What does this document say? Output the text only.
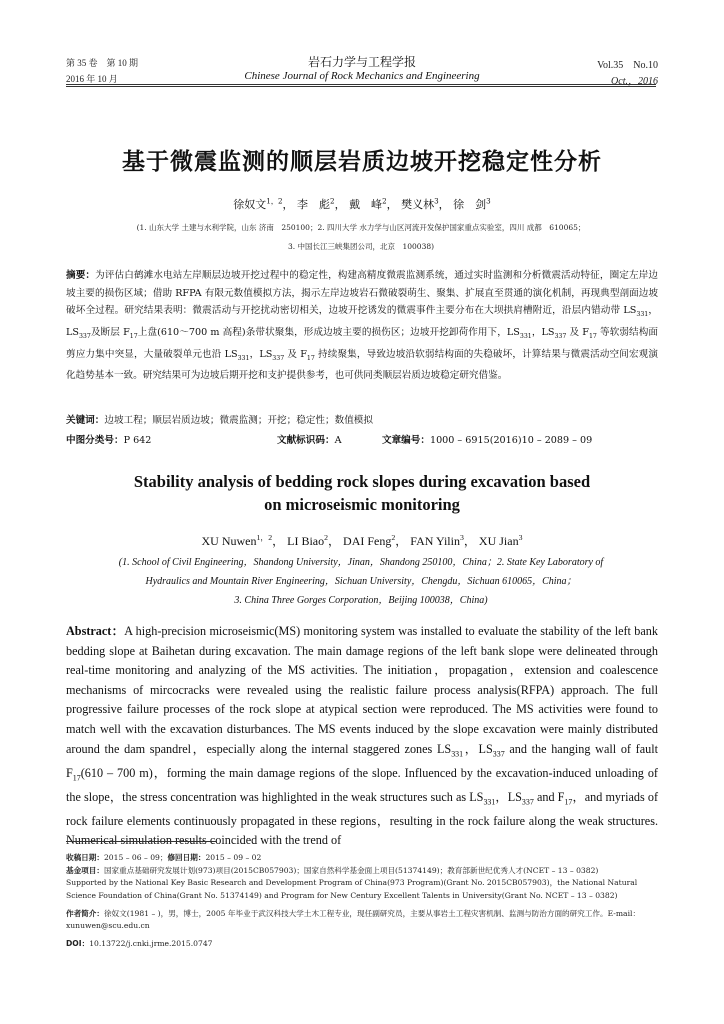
第 35 卷　第 10 期
2016 年 10 月
岩石力学与工程学报
Chinese Journal of Rock Mechanics and Engineering
Vol.35　No.10
Oct.，2016
基于微震监测的顺层岩质边坡开挖稳定性分析
徐奴文$^{1,2}$， 李　彪$^2$， 戴　峰$^2$， 樊义林$^3$， 徐　剑$^3$
(1. 山东大学 土建与水利学院，山东 济南　250100；2. 四川大学 水力学与山区河流开发保护国家重点实验室，四川 成都　610065；
3. 中国长江三峡集团公司，北京　100038)
摘要：为评估白鹤滩水电站左岸顺层边坡开挖过程中的稳定性，构建高精度微震监测系统，通过实时监测和分析微震活动特征，圈定左岸边坡主要的损伤区域；借助 RFPA 有限元数值模拟方法，揭示左岸边坡岩石微破裂萌生、聚集、扩展直至贯通的演化机制，再现典型剖面边坡破坏全过程。研究结果表明：微震活动与开挖扰动密切相关，边坡开挖诱发的微震事件主要分布在大坝拱肩槽附近，沿层内错动带 $LS_{331}$，$LS_{337}$及断层 $F_{17}$上盘(610～700 m 高程)条带状聚集，形成边坡主要的损伤区；边坡开挖卸荷作用下，$LS_{331}$，$LS_{337}$ 及 $F_{17}$ 等软弱结构面剪应力集中突显，大量破裂单元也沿 $LS_{331}$，$LS_{337}$ 及 $F_{17}$ 持续聚集，导致边坡沿软弱结构面的失稳破坏，计算结果与微震活动空间宏观演化趋势基本一致。研究结果可为边坡后期开挖和支护提供参考，也可供同类顺层岩质边坡稳定研究借鉴。
关键词：边坡工程；顺层岩质边坡；微震监测；开挖；稳定性；数值模拟
中图分类号：P 642	文献标识码：A	文章编号：1000 – 6915(2016)10 – 2089 – 09
Stability analysis of bedding rock slopes during excavation based
on microseismic monitoring
XU Nuwen$^{1,2}$， LI Biao$^2$， DAI Feng$^2$， FAN Yilin$^3$， XU Jian$^3$
(1. School of Civil Engineering，Shandong University，Jinan，Shandong 250100，China；2. State Key Laboratory of
Hydraulics and Mountain River Engineering，Sichuan University，Chengdu，Sichuan 610065，China；
3. China Three Gorges Corporation，Beijing 100038，China)
Abstract：A high-precision microseismic(MS) monitoring system was installed to evaluate the stability of the left bank bedding slope at Baihetan during excavation. The main damage regions of the left bank slope were delineated through real-time monitoring and analyzing of the MS activities. The initiation，propagation，extension and coalescence mechanisms of mircocracks were revealed using the realistic failure process analysis(RFPA) approach. The full progressive failure processes of the rock slope at atypical section were reproduced. The MS activities were found to match well with the excavation disturbances. The MS events induced by the slope excavation were mainly distributed around the dam spandrel，especially along the internal staggered zones $LS_{331}$，$LS_{337}$ and the hanging wall of fault $F_{17}(610 - 700$ m)，forming the main damage regions of the slope. Influenced by the excavation-induced unloading of the slope，the stress concentration was highlighted in the weak structures such as $LS_{331}$，$LS_{337}$ and $F_{17}$，and myriads of rock failure elements continuously propagated in these regions，resulting in the rock failure along the weak structures. Numerical simulation results coincided with the trend of
收稿日期：2015 – 06 – 09；修回日期：2015 – 09 – 02
基金项目：国家重点基础研究发展计划(973)项目(2015CB057903)；国家自然科学基金面上项目(51374149)；教育部新世纪优秀人才(NCET – 13 – 0382)
Supported by the National Key Basic Research and Development Program of China(973 Program)(Grant No. 2015CB057903)，the National Natural Science Foundation of China(Grant No. 51374149) and Program for New Century Excellent Talents in University(Grant No. NCET – 13 – 0382)
作者简介：徐奴文(1981 – )，男，博士，2005 年毕业于武汉科技大学土木工程专业，现任副研究员，主要从事岩土工程灾害机制、监测与防治方面的研究工作。E-mail：xunuwen@scu.edu.cn
DOI：10.13722/j.cnki.jrme.2015.0747
